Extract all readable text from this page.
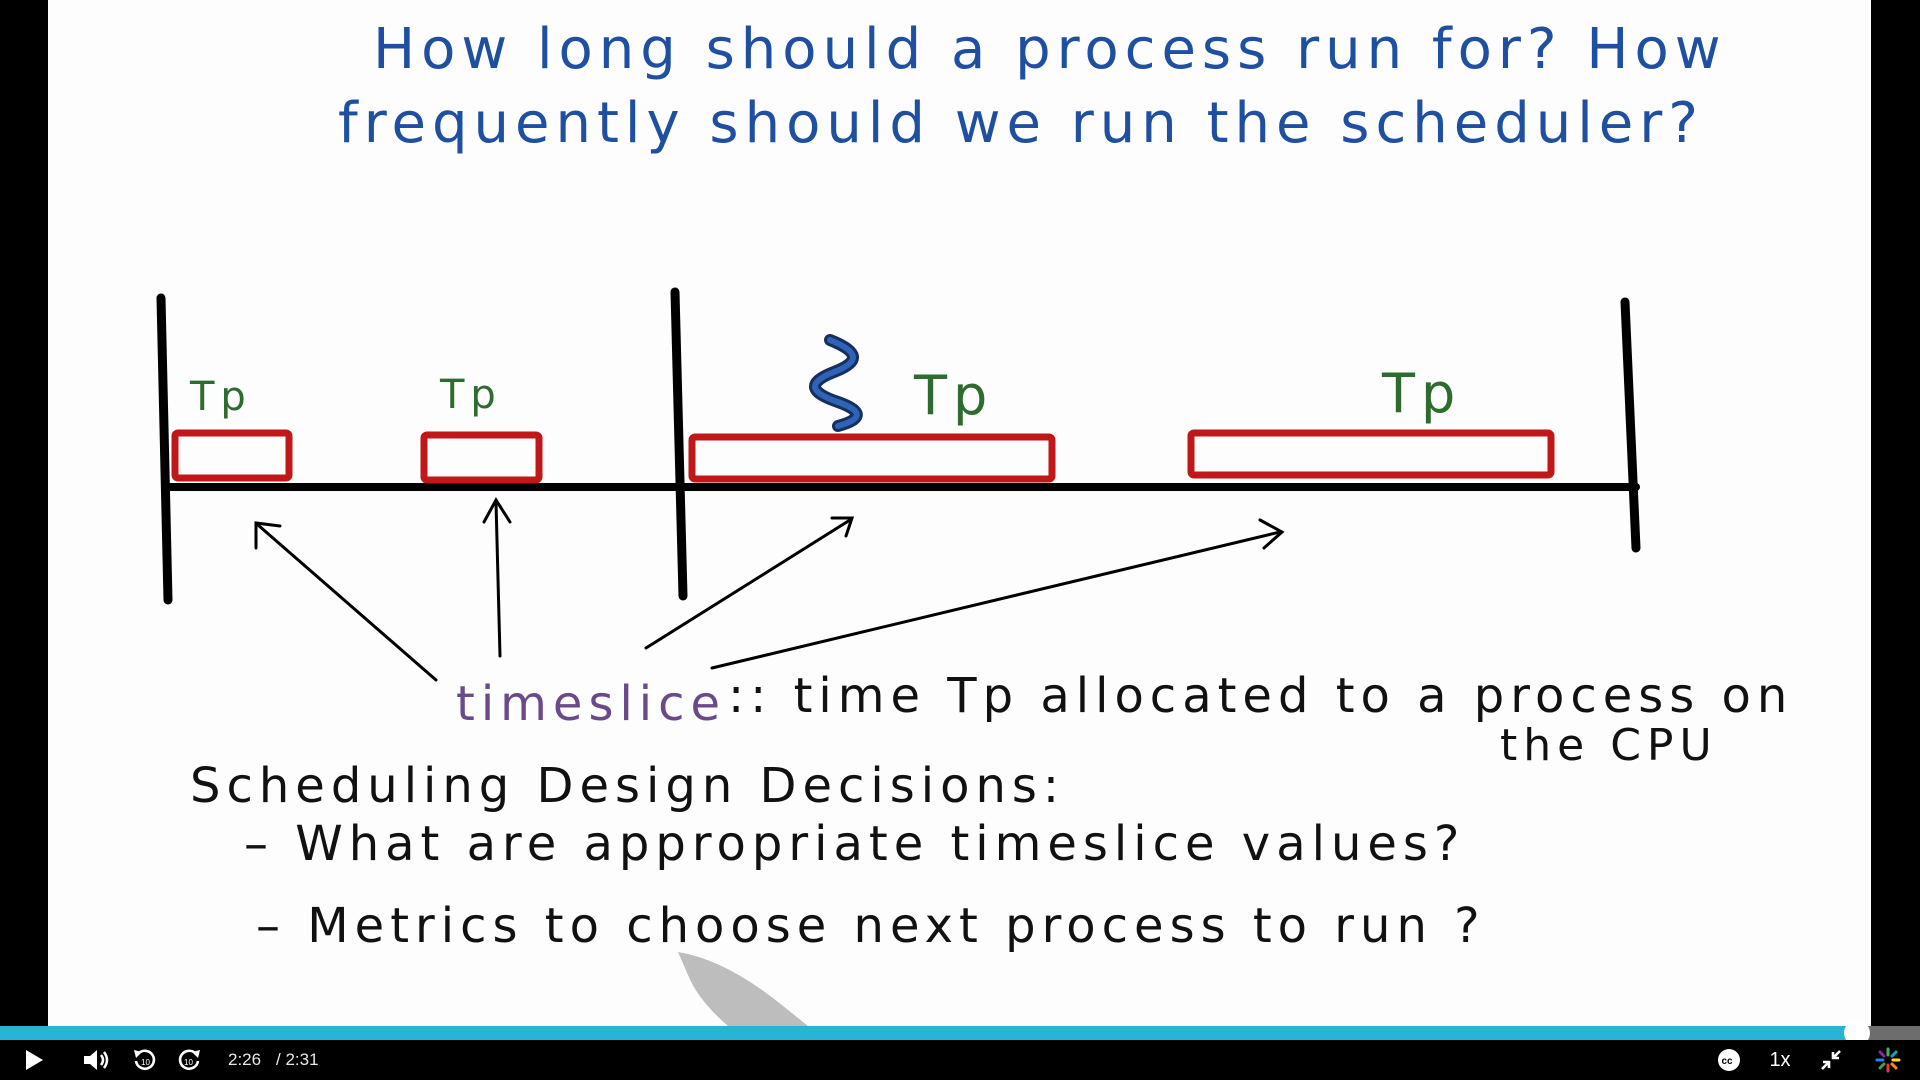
How long should a process run for? How
frequently should we run the scheduler?
Tp	Tp	Tp	Tp
timeslice :: time Tp allocated to a process on
the CPU
Scheduling Design Decisions:
– What are appropriate timeslice values?
– Metrics to choose next process to run ?
10	10 2:26 / 2:31	cc 1x
